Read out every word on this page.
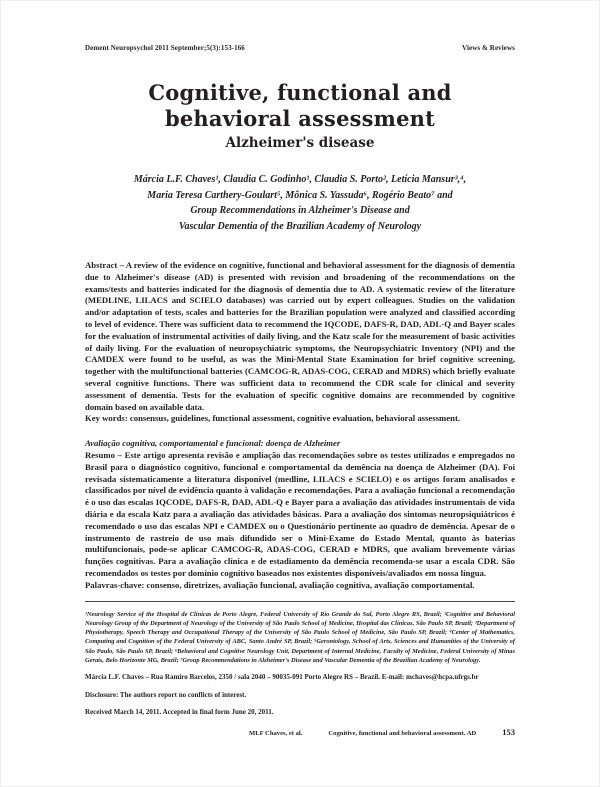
Dement Neuropsychol 2011 September;5(3):153-166	Views & Reviews
Cognitive, functional and behavioral assessment
Alzheimer's disease
Márcia L.F. Chaves¹, Claudia C. Godinho¹, Claudia S. Porto², Letícia Mansur³,⁴,
Maria Teresa Carthery-Goulart⁵, Mônica S. Yassuda⁶, Rogério Beato⁷ and
Group Recommendations in Alzheimer's Disease and
Vascular Dementia of the Brazilian Academy of Neurology

Abstract – A review of the evidence on cognitive, functional and behavioral assessment for the diagnosis of dementia due to Alzheimer's disease (AD) is presented with revision and broadening of the recommendations on the exams/tests and batteries indicated for the diagnosis of dementia due to AD. A systematic review of the literature (MEDLINE, LILACS and SCIELO databases) was carried out by expert colleagues. Studies on the validation and/or adaptation of tests, scales and batteries for the Brazilian population were analyzed and classified according to level of evidence. There was sufficient data to recommend the IQCODE, DAFS-R, DAD, ADL-Q and Bayer scales for the evaluation of instrumental activities of daily living, and the Katz scale for the measurement of basic activities of daily living. For the evaluation of neuropsychiatric symptoms, the Neuropsychiatric Inventory (NPI) and the CAMDEX were found to be useful, as was the Mini-Mental State Examination for brief cognitive screening, together with the multifunctional batteries (CAMCOG-R, ADAS-COG, CERAD and MDRS) which briefly evaluate several cognitive functions. There was sufficient data to recommend the CDR scale for clinical and severity assessment of dementia. Tests for the evaluation of specific cognitive domains are recommended by cognitive domain based on available data.

Key words: consensus, guidelines, functional assessment, cognitive evaluation, behavioral assessment.

Avaliação cognitiva, comportamental e funcional: doença de Alzheimer

Resumo – Este artigo apresenta revisão e ampliação das recomendações sobre os testes utilizados e empregados no Brasil para o diagnóstico cognitivo, funcional e comportamental da demência na doença de Alzheimer (DA). Foi revisada sistematicamente a literatura disponível (medline, LILACS e SCIELO) e os artigos foram analisados e classificados por nível de evidência quanto à validação e recomendações. Para a avaliação funcional a recomendação é o uso das escalas IQCODE, DAFS-R, DAD, ADL-Q e Bayer para a avaliação das atividades instrumentais de vida diária e da escala Katz para a avaliação das atividades básicas. Para a avaliação dos sintomas neuropsiquiátricos é recomendado o uso das escalas NPI e CAMDEX ou o Questionário pertinente ao quadro de demência. Apesar de o instrumento de rastreio de uso mais difundido ser o Mini-Exame do Estado Mental, quanto às baterias multifuncionais, pode-se aplicar CAMCOG-R, ADAS-COG, CERAD e MDRS, que avaliam brevemente várias funções cognitivas. Para a avaliação clínica e de estadiamento da demência recomenda-se usar a escala CDR. São recomendados os testes por domínio cognitivo baseados nos existentes disponíveis/avaliados em nossa língua.

Palavras-chave: consenso, diretrizes, avaliação funcional, avaliação cognitiva, avaliação comportamental.

¹Neurology Service of the Hospital de Clínicas de Porto Alegre, Federal University of Rio Grande do Sul, Porto Alegre RS, Brazil; ²Cognitive and Behavioral Neurology Group of the Department of Neurology of the University of São Paulo School of Medicine, Hospital das Clínicas, São Paulo SP, Brazil; ³Department of Physiotherapy, Speech Therapy and Occupational Therapy of the University of São Paulo School of Medicine, São Paulo SP, Brazil; ⁴Center of Mathematics, Computing and Cognition of the Federal University of ABC, Santo André SP, Brazil; ⁵Gerontology, School of Arts, Sciences and Humanities of the University of São Paulo, São Paulo SP, Brazil; ⁶Behavioral and Cognitive Neurology Unit, Department of Internal Medicine, Faculty of Medicine, Federal University of Minas Gerais, Belo Horizonte MG, Brazil; ⁷Group Recommendations in Alzheimer's Disease and Vascular Dementia of the Brazilian Academy of Neurology.
Márcia L.F. Chaves – Rua Ramiro Barcelos, 2350 / sala 2040 – 90035-091 Porto Alegre RS – Brazil. E-mail: mchaves@hcpa.ufrgs.br
Disclosure: The authors report no conflicts of interest.
Received March 14, 2011. Accepted in final form June 20, 2011.
MLF Chaves, et al.	Cognitive, functional and behavioral assessment. AD	153
